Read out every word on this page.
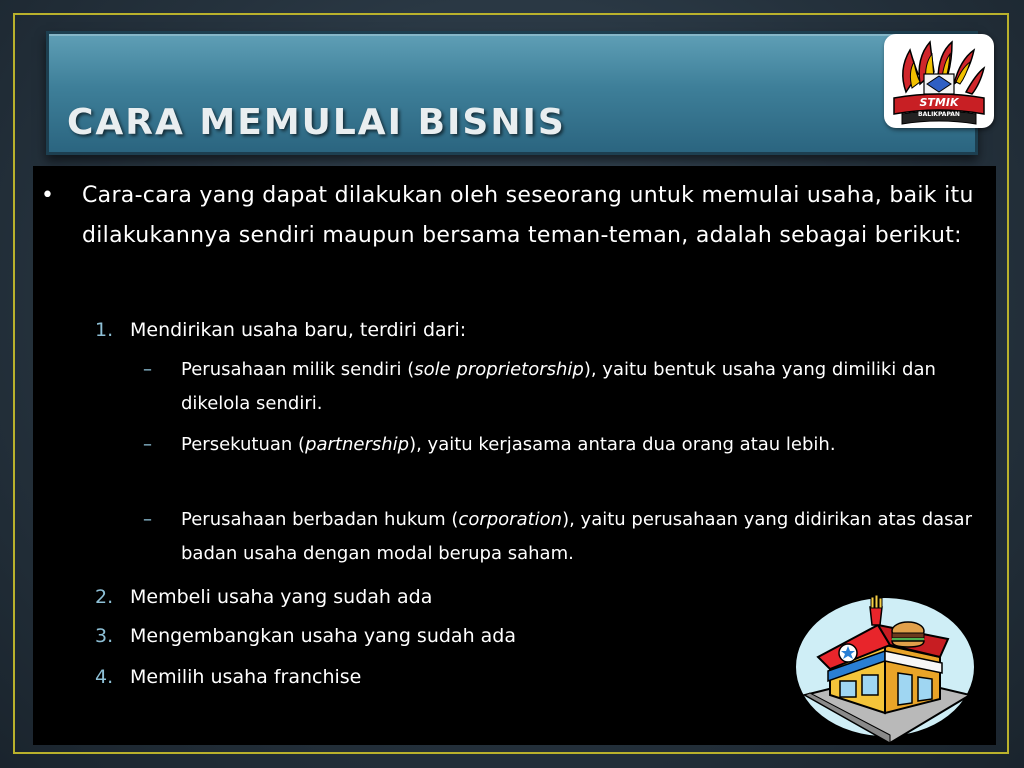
CARA MEMULAI BISNIS	STMIK
BALIKPAPAN
• Cara-cara yang dapat dilakukan oleh seseorang untuk memulai usaha, baik itu dilakukannya sendiri maupun bersama teman-teman, adalah sebagai berikut:
1. Mendirikan usaha baru, terdiri dari:
– Perusahaan milik sendiri (sole proprietorship), yaitu bentuk usaha yang dimiliki dan dikelola sendiri.
– Persekutuan (partnership), yaitu kerjasama antara dua orang atau lebih.
– Perusahaan berbadan hukum (corporation), yaitu perusahaan yang didirikan atas dasar badan usaha dengan modal berupa saham.
2. Membeli usaha yang sudah ada
3. Mengembangkan usaha yang sudah ada
4. Memilih usaha franchise
